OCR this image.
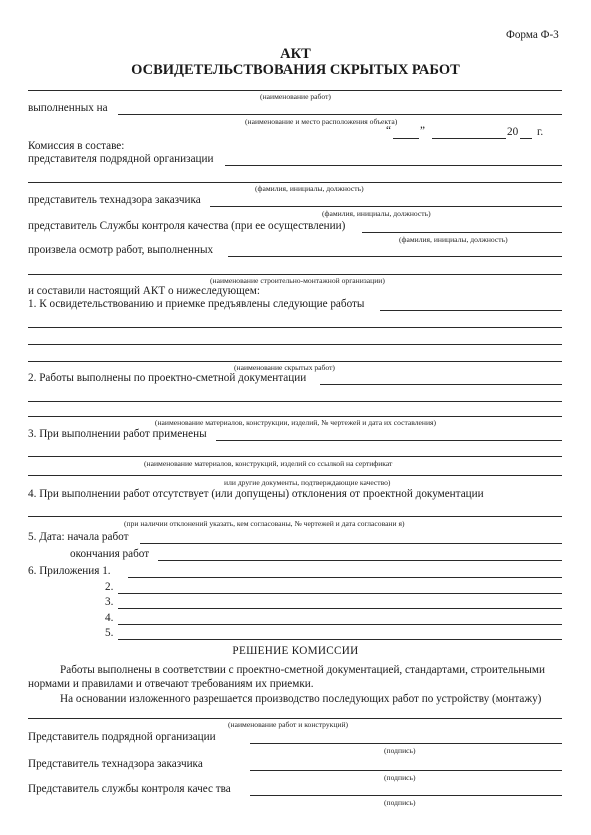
Форма Ф-3
АКТ
ОСВИДЕТЕЛЬСТВОВАНИЯ СКРЫТЫХ РАБОТ
(наименование работ)
выполненных на
(наименование и место расположения объекта)
“	”	20 г.
Комиссия в составе:
представителя подрядной организации
(фамилия, инициалы, должность)
представитель технадзора заказчика
(фамилия, инициалы, должность)
представитель Службы контроля качества (при ее осуществлении)
(фамилия, инициалы, должность)
произвела осмотр работ, выполненных
(наименование строительно-монтажной организации)
и составили настоящий АКТ о нижеследующем:
1. К освидетельствованию и приемке предъявлены следующие работы
(наименование скрытых работ)
2. Работы выполнены по проектно-сметной документации
(наименование материалов, конструкции, изделий, № чертежей и дата их составления)
3. При выполнении работ применены
(наименование материалов, конструкций, изделий со ссылкой на сертификат
или другие документы, подтверждающие качество)
4. При выполнении работ отсутствует (или допущены) отклонения от проектной документации
(при наличии отклонений указать, кем согласованы, № чертежей и дата согласовани я)
5. Дата: начала работ
окончания работ
6. Приложения 1.
2.
3.
4.
5.
РЕШЕНИЕ КОМИССИИ
Работы выполнены в соответствии с проектно-сметной документацией, стандартами, строительными
нормами и правилами и отвечают требованиям их приемки.
На основании изложенного разрешается производство последующих работ по устройству (монтажу)
(наименование работ и конструкций)
Представитель подрядной организации
(подпись)
Представитель технадзора заказчика
(подпись)
Представитель службы контроля качес тва
(подпись)
